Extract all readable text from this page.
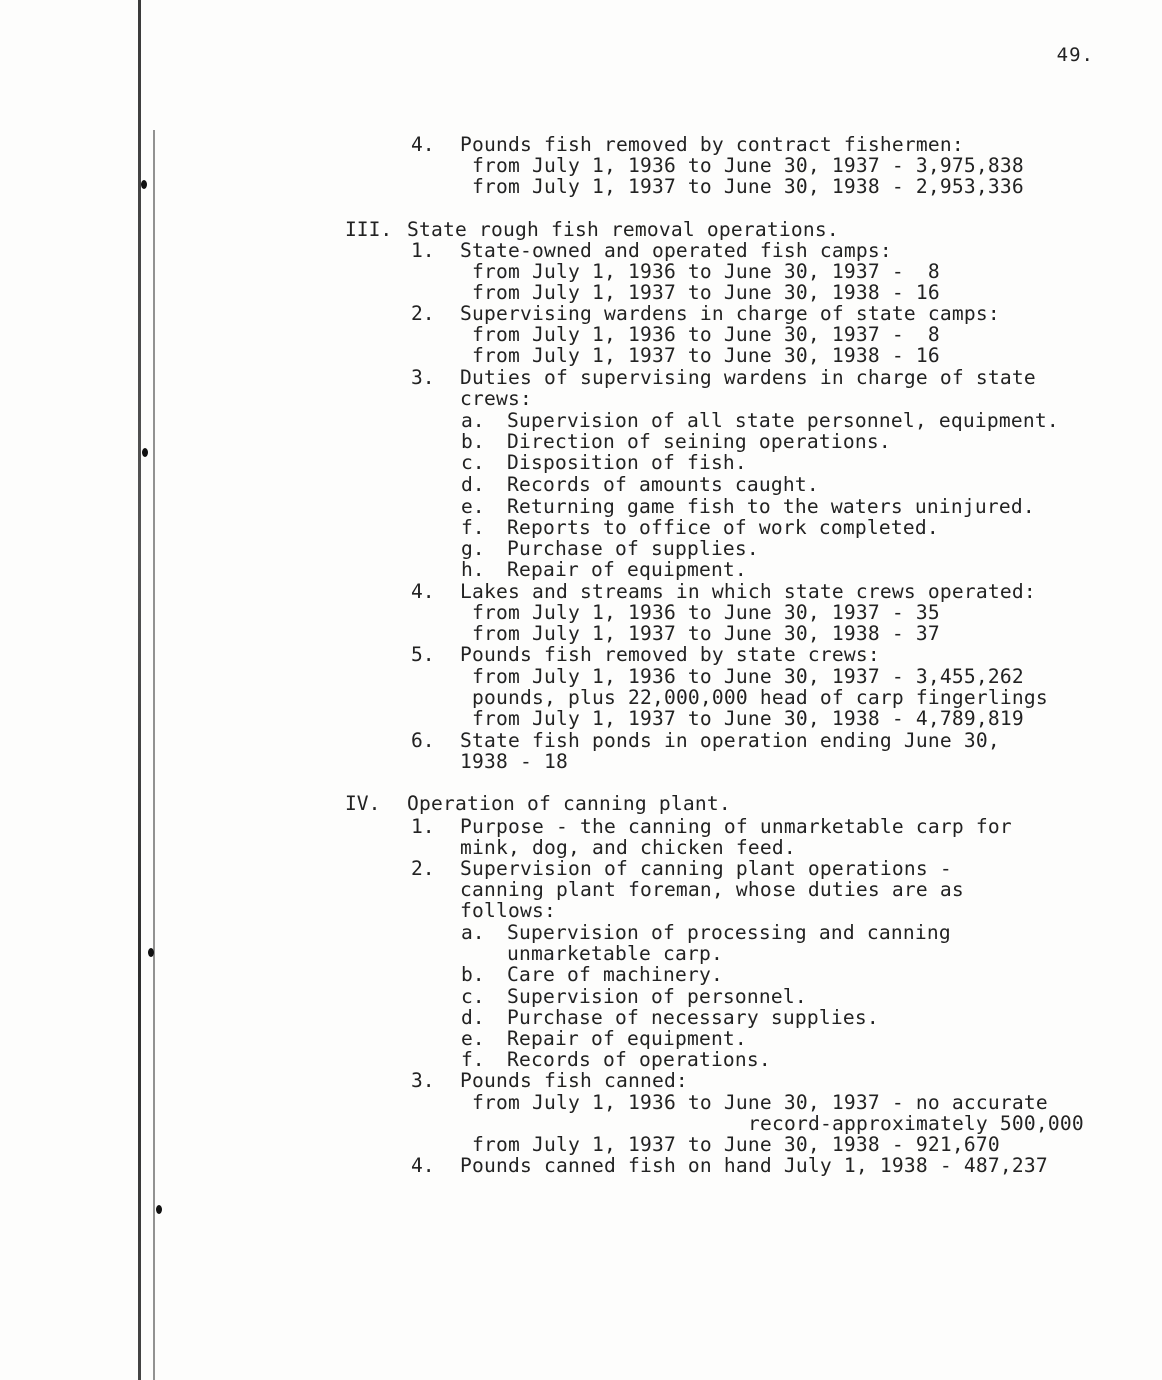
49.
4. Pounds fish removed by contract fishermen:
from July 1, 1936 to June 30, 1937 - 3,975,838
from July 1, 1937 to June 30, 1938 - 2,953,336
III. State rough fish removal operations.
1. State-owned and operated fish camps:
from July 1, 1936 to June 30, 1937 -  8
from July 1, 1937 to June 30, 1938 - 16
2. Supervising wardens in charge of state camps:
from July 1, 1936 to June 30, 1937 -  8
from July 1, 1937 to June 30, 1938 - 16
3. Duties of supervising wardens in charge of state
crews:
a. Supervision of all state personnel, equipment.
b. Direction of seining operations.
c. Disposition of fish.
d. Records of amounts caught.
e. Returning game fish to the waters uninjured.
f. Reports to office of work completed.
g. Purchase of supplies.
h. Repair of equipment.
4. Lakes and streams in which state crews operated:
from July 1, 1936 to June 30, 1937 - 35
from July 1, 1937 to June 30, 1938 - 37
5. Pounds fish removed by state crews:
from July 1, 1936 to June 30, 1937 - 3,455,262
pounds, plus 22,000,000 head of carp fingerlings
from July 1, 1937 to June 30, 1938 - 4,789,819
6. State fish ponds in operation ending June 30,
1938 - 18
IV. Operation of canning plant.
1. Purpose - the canning of unmarketable carp for
mink, dog, and chicken feed.
2. Supervision of canning plant operations -
canning plant foreman, whose duties are as
follows:
a. Supervision of processing and canning
unmarketable carp.
b. Care of machinery.
c. Supervision of personnel.
d. Purchase of necessary supplies.
e. Repair of equipment.
f. Records of operations.
3. Pounds fish canned:
from July 1, 1936 to June 30, 1937 - no accurate
record-approximately 500,000
from July 1, 1937 to June 30, 1938 - 921,670
4. Pounds canned fish on hand July 1, 1938 - 487,237
